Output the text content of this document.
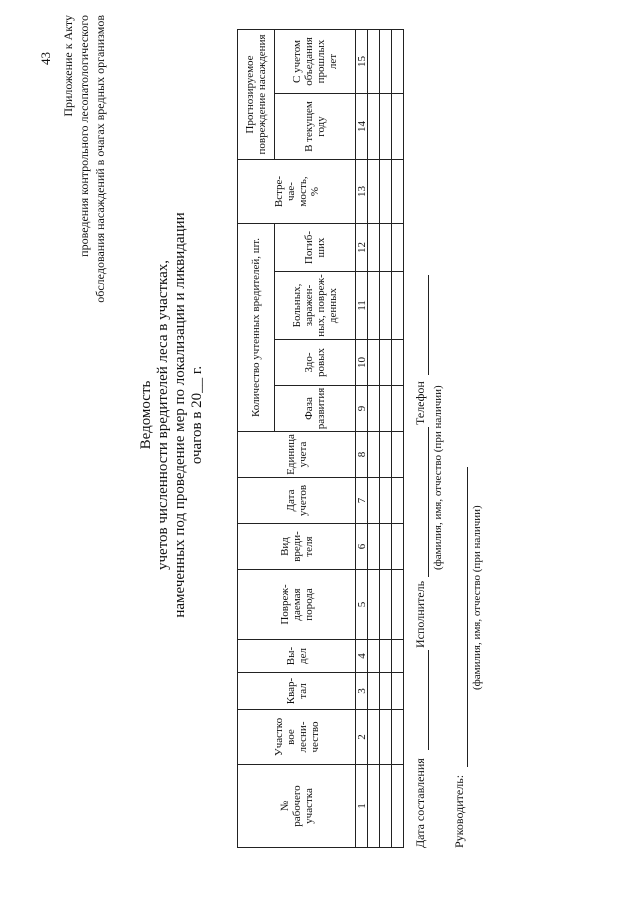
43 Приложение к Акту проведения контрольного лесопатологического обследования насаждений в очагах вредных организмов
Ведомость учетов численности вредителей леса в участках, намеченных под проведение мер по локализации и ликвидации очагов в 20__ г.	Количество учтенных вредителей, шт.
Прогнозируемое повреждение насаждения
№ рабочего участка
Участко вое лесни- чество
Квар- тал
Вы-дел
Повреж- даемая порода
Вид вреди- теля
Дата учетов
Единица учета
Фаза развития
Здо- ровых
Больных, заражен- ных, повреж- денных
Погиб- ших
Встре- чае- мость, %
В текущем году
С учетом объедания прошлых лет
1
2
3
4
5
6
7
8
9
10
11
12
13
14
15
Дата составления
Исполнитель
Телефон (фамилия, имя, отчество (при наличии)
Руководитель:
(фамилия, имя, отчество (при наличии)
